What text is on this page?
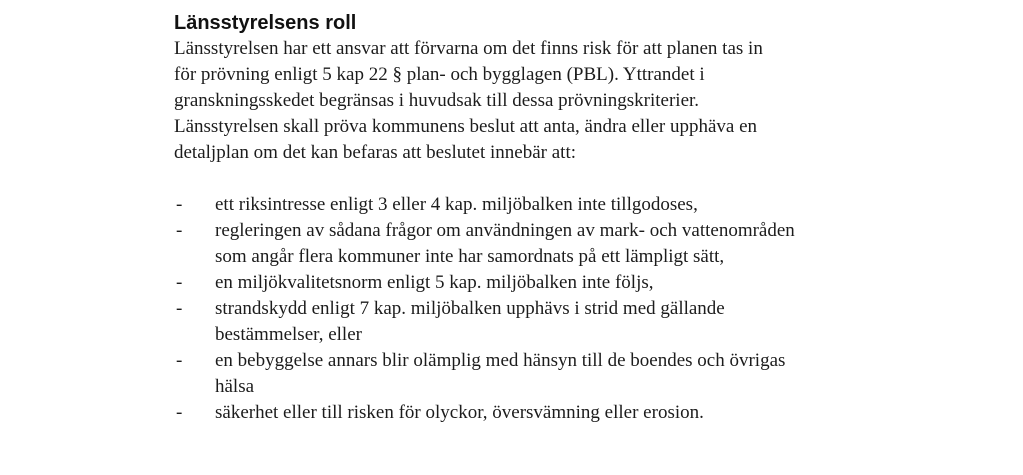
Länsstyrelsens roll

Länsstyrelsen har ett ansvar att förvarna om det finns risk för att planen tas in
för prövning enligt 5 kap 22 § plan- och bygglagen (PBL). Yttrandet i
granskningsskedet begränsas i huvudsak till dessa prövningskriterier.
Länsstyrelsen skall pröva kommunens beslut att anta, ändra eller upphäva en
detaljplan om det kan befaras att beslutet innebär att:

- ett riksintresse enligt 3 eller 4 kap. miljöbalken inte tillgodoses,
- regleringen av sådana frågor om användningen av mark- och vattenområden
som angår flera kommuner inte har samordnats på ett lämpligt sätt,
- en miljökvalitetsnorm enligt 5 kap. miljöbalken inte följs,
- strandskydd enligt 7 kap. miljöbalken upphävs i strid med gällande
bestämmelser, eller
- en bebyggelse annars blir olämplig med hänsyn till de boendes och övrigas
hälsa
- säkerhet eller till risken för olyckor, översvämning eller erosion.
